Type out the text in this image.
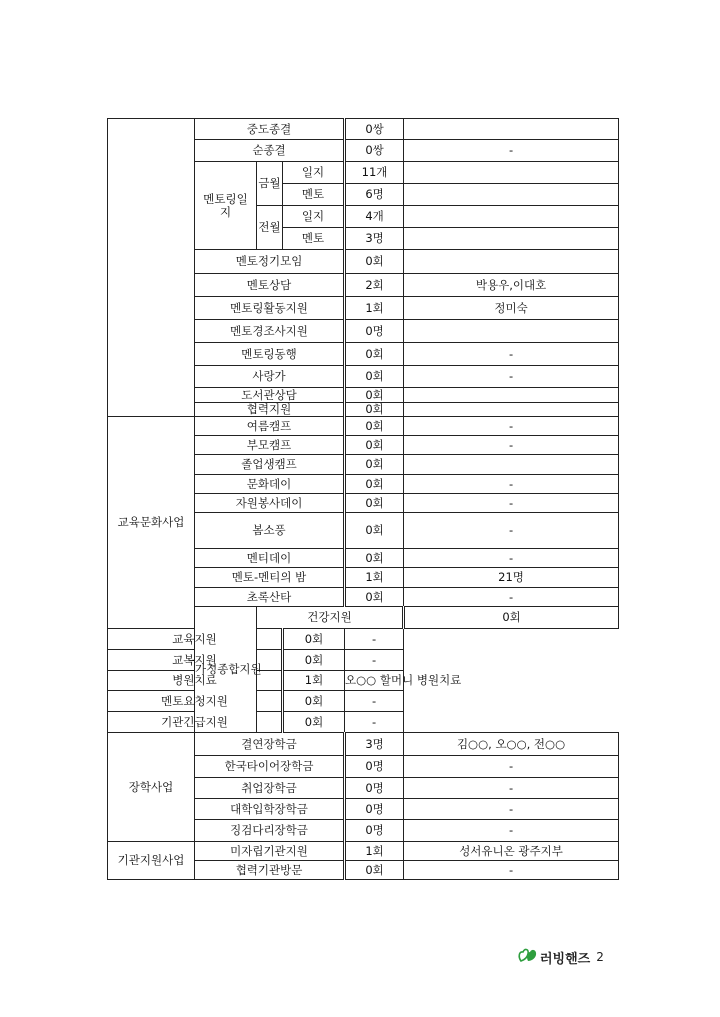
	중도종결			0쌍		
	순종결			0쌍	-	
	멘토링일지	금월	일지	11개		
			멘토	6명		
		전월	일지	4개		
			멘토	3명		
	멘토정기모임			0회		
	멘토상담			2회	박용우,이대호	
	멘토링활동지원			1회	정미숙	
	멘토경조사지원			0명		
	멘토링동행			0회	-	
	사랑가			0회	-	
	도서관상담			0회		
	협력지원			0회		
교육문화사업	여름캠프			0회	-	
	부모캠프			0회	-	
	졸업생캠프			0회		
	문화데이			0회	-	
	자원봉사데이			0회	-	
	봄소풍			0회	-	
	멘티데이			0회	-	
	멘토-멘티의 밤			1회	21명	
	초록산타			0회	-	
	가정종합지원	건강지원			0회	
교육지원			0회	-		
교복지원			0회	-		
병원치료			1회	오○○ 할머니 병원치료		
멘토요청지원			0회	-		
기관긴급지원			0회	-		
장학사업	결연장학금			3명	김○○, 오○○, 전○○	
	한국타이어장학금			0명	-	
	취업장학금			0명	-	
	대학입학장학금			0명	-	
	징검다리장학금			0명	-	
기관지원사업	미자립기관지원			1회	성서유니온 광주지부	
	협력기관방문			0회	-	
러빙핸즈 2
